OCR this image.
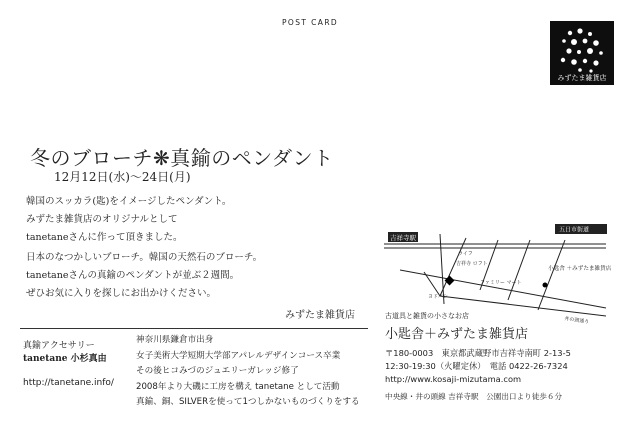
POST CARD
みずたま雑貨店
冬のブローチ❋真鍮のペンダント
12月12日(水)～24日(月)
韓国のスッカラ(匙)をイメージしたペンダント。
みずたま雑貨店のオリジナルとして
tanetaneさんに作って頂きました。
日本のなつかしいブローチ。韓国の天然石のブローチ。
tanetaneさんの真鍮のペンダントが並ぶ２週間。
ぜひお気に入りを探しにお出かけください。
みずたま雑貨店
真鍮アクセサリー
tanetane 小杉真由
http://tanetane.info/
神奈川県鎌倉市出身
女子美術大学短期大学部アパレルデザインコース卒業
その後ヒコみづのジュエリーガレッジ修了
2008年より大磯に工房を構え tanetane として活動
真鍮、銅、SILVERを使って1つしかないものづくりをする
吉祥寺駅
五日市街道
小匙舎 ＋みずたま雑貨店
ライフ
吉祥寺 ロフト
ファミリー マート
ヨドバシ
井の頭通り
古道具と雑貨の小さなお店
小匙舎＋みずたま雑貨店
〒180-0003　東京都武蔵野市吉祥寺南町 2-13-5
12:30-19:30（火曜定休）　電話 0422-26-7324
http://www.kosaji-mizutama.com
中央線・井の頭線 吉祥寺駅　公園出口より徒歩６分
